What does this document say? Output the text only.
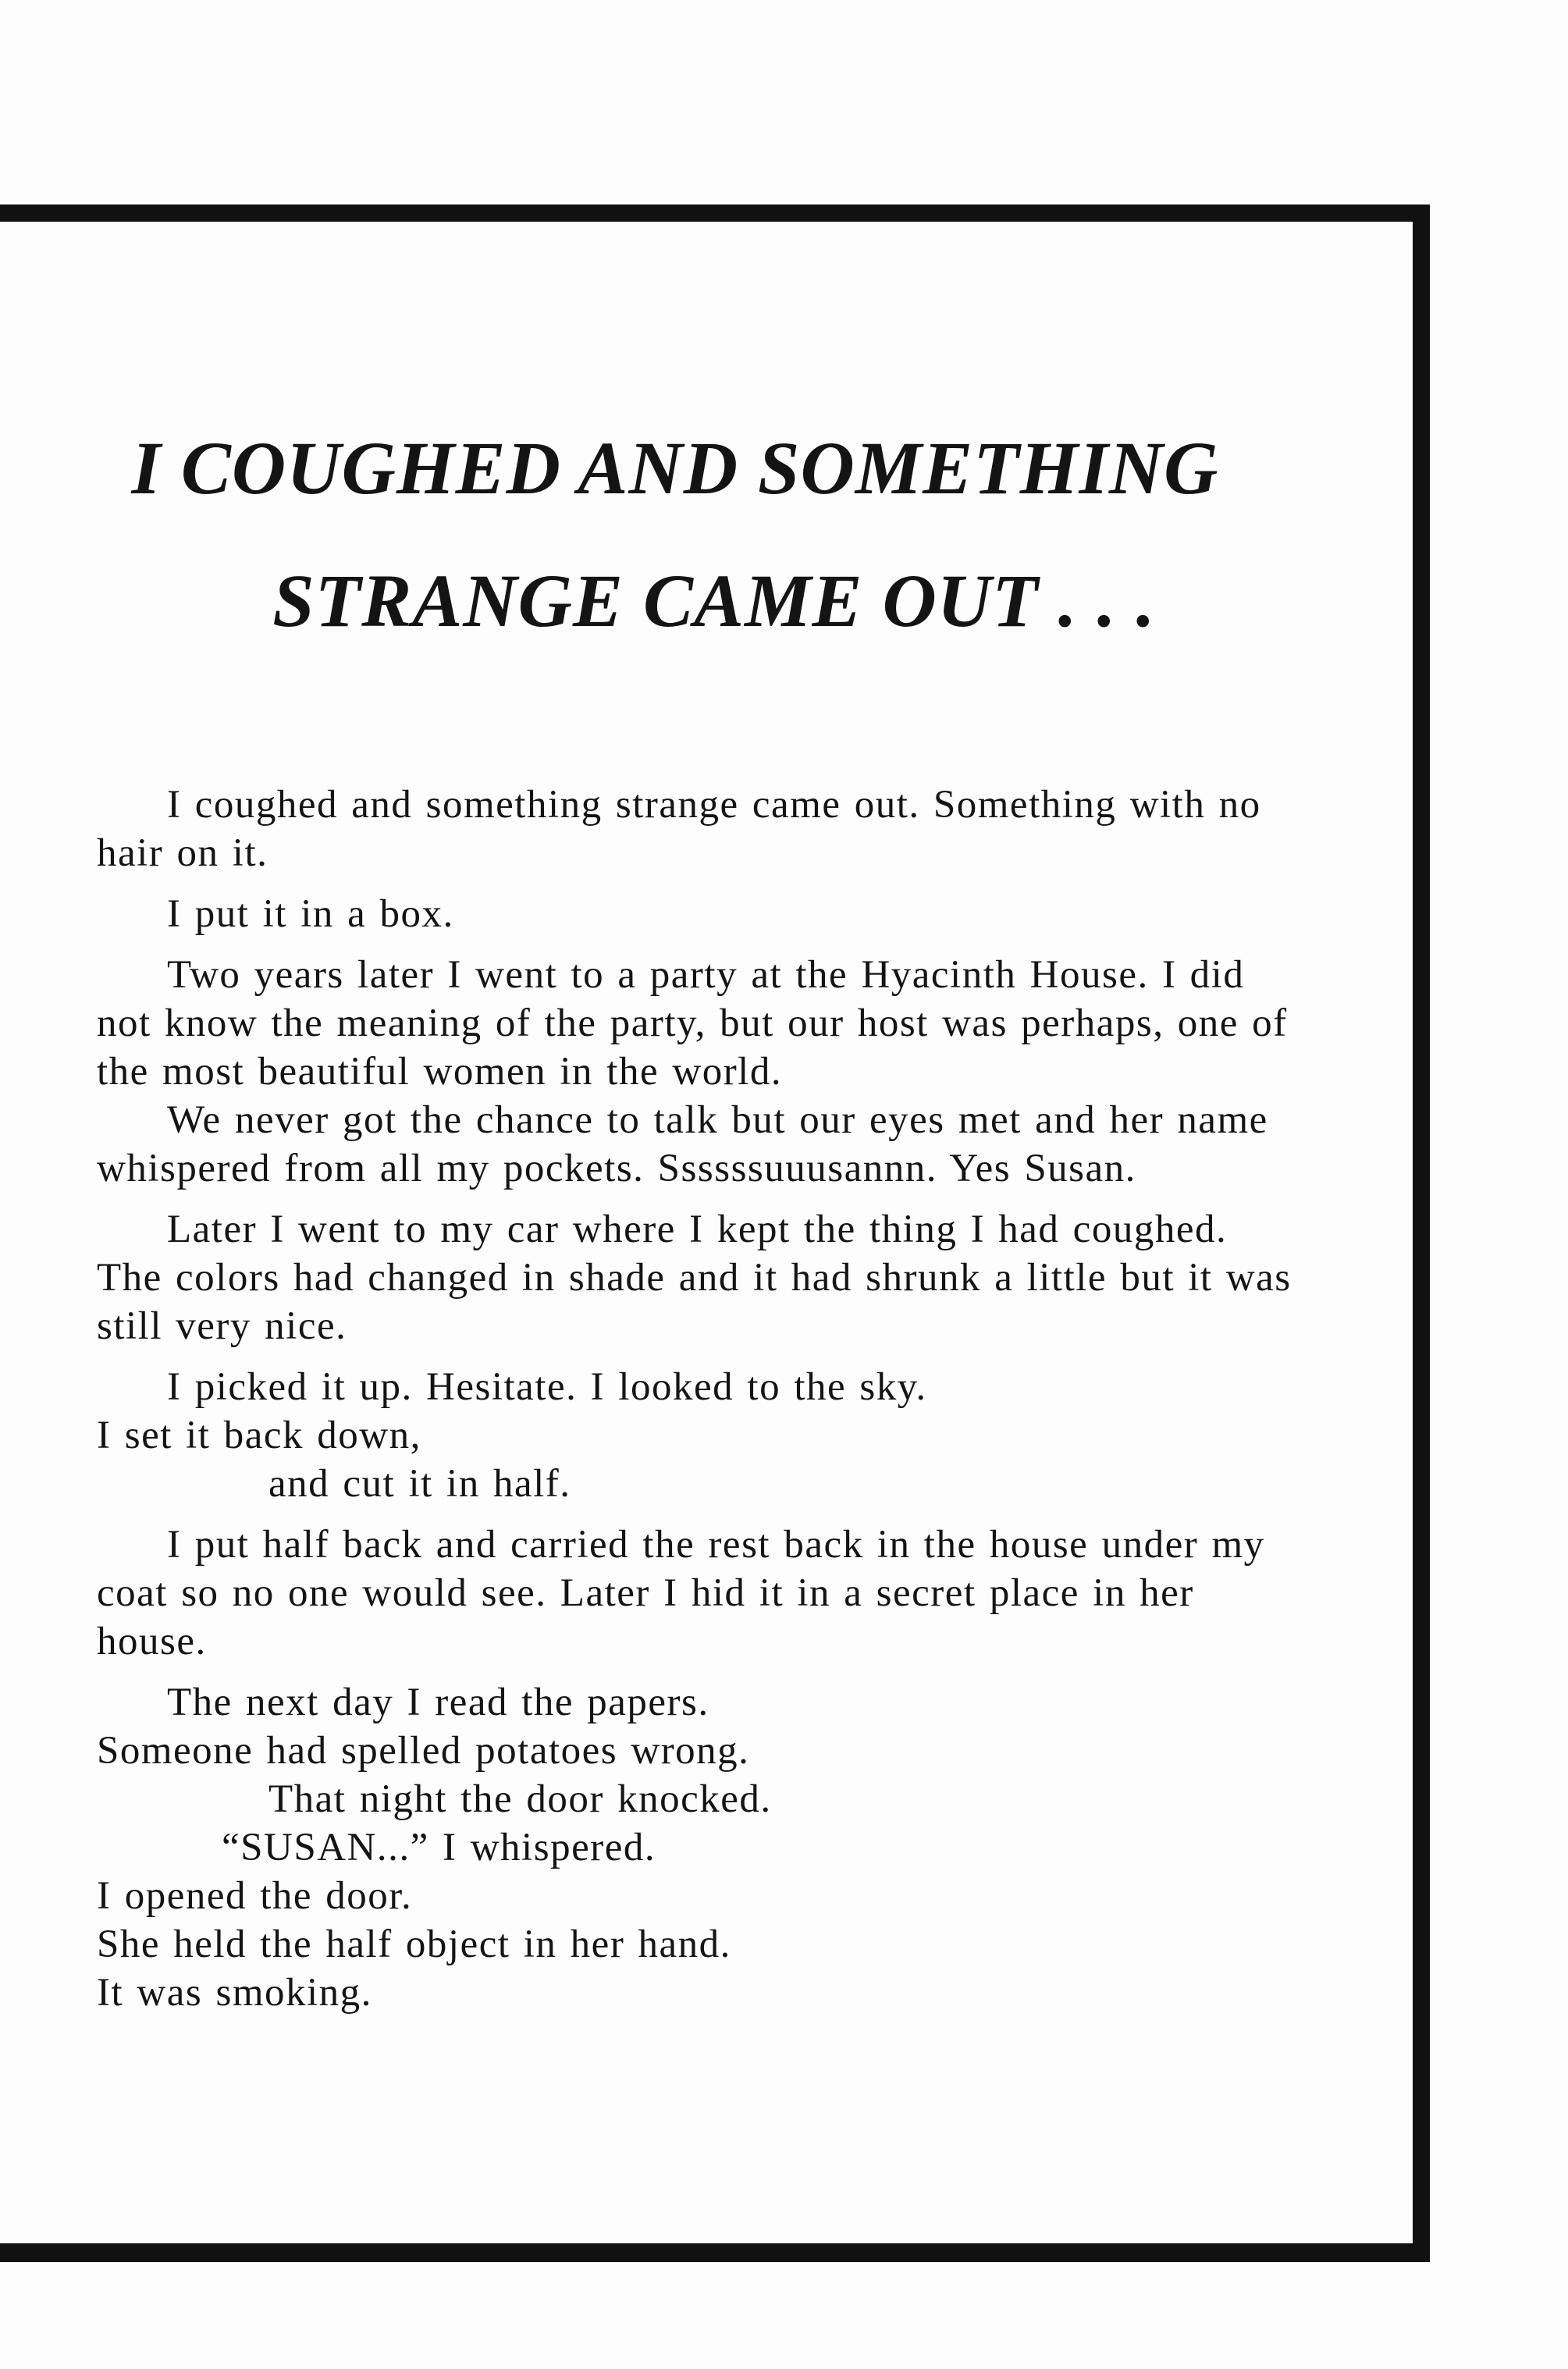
I COUGHED AND SOMETHING
STRANGE CAME OUT . . .

I coughed and something strange came out. Something with no hair on it.

I put it in a box.

Two years later I went to a party at the Hyacinth House. I did not know the meaning of the party, but our host was perhaps, one of the most beautiful women in the world.

We never got the chance to talk but our eyes met and her name whispered from all my pockets. Ssssssuuusannn. Yes Susan.

Later I went to my car where I kept the thing I had coughed. The colors had changed in shade and it had shrunk a little but it was still very nice.

I picked it up. Hesitate. I looked to the sky.

I set it back down,

and cut it in half.

I put half back and carried the rest back in the house under my coat so no one would see. Later I hid it in a secret place in her house.

The next day I read the papers.

Someone had spelled potatoes wrong.

That night the door knocked.

“SUSAN...” I whispered.

I opened the door.

She held the half object in her hand.

It was smoking.
